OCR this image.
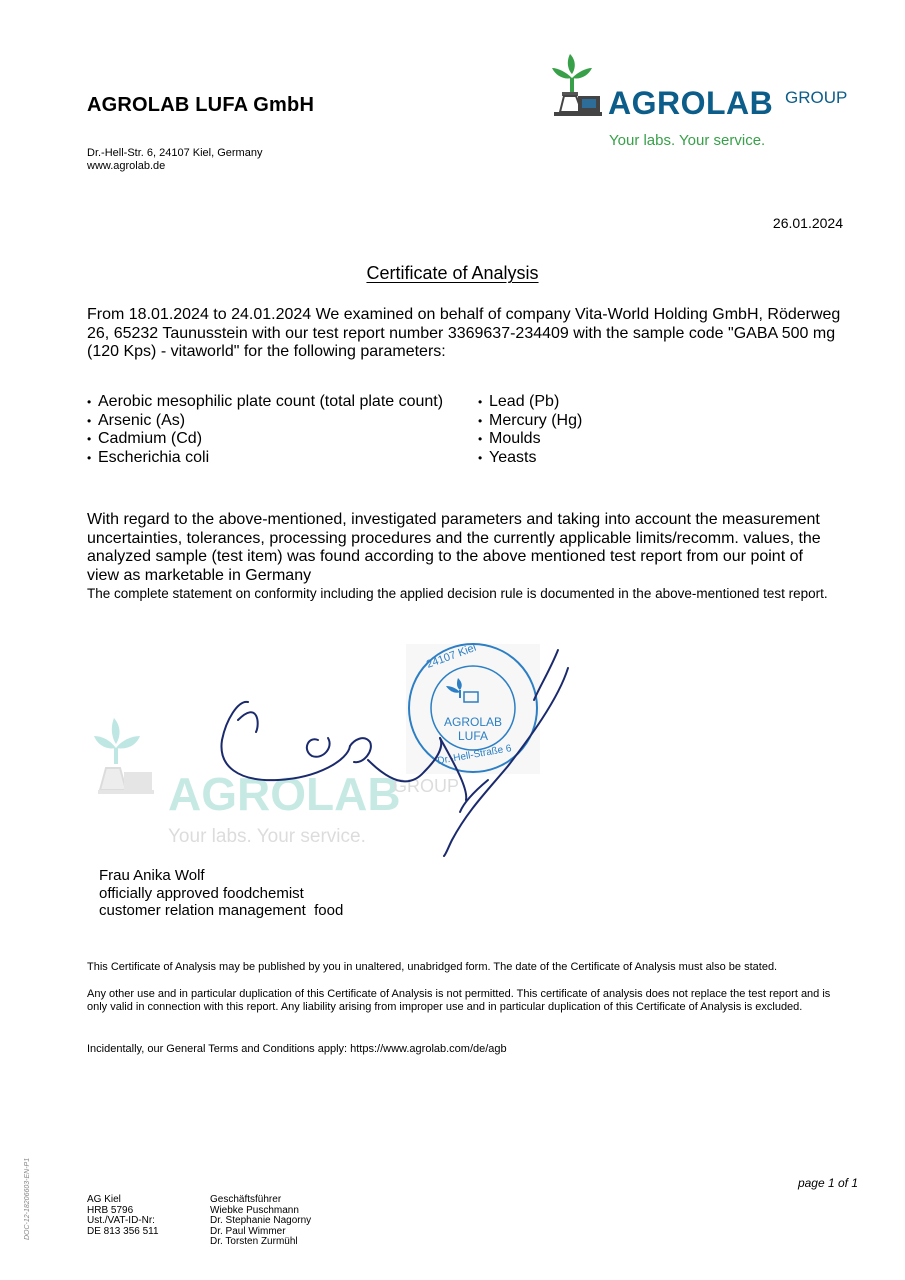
AGROLAB LUFA GmbH
Dr.-Hell-Str. 6, 24107 Kiel, Germany
www.agrolab.de
AGROLAB GROUP
Your labs. Your service.
26.01.2024
Certificate of Analysis
From 18.01.2024 to 24.01.2024 We examined on behalf of company Vita-World Holding GmbH, Röderweg 26, 65232 Taunusstein with our test report number 3369637-234409 with the sample code "GABA 500 mg (120 Kps) - vitaworld" for the following parameters:
• Aerobic mesophilic plate count (total plate count)
• Arsenic (As)
• Cadmium (Cd)
• Escherichia coli
• Lead (Pb)
• Mercury (Hg)
• Moulds
• Yeasts
With regard to the above-mentioned, investigated parameters and taking into account the measurement uncertainties, tolerances, processing procedures and the currently applicable limits/recomm. values, the analyzed sample (test item) was found according to the above mentioned test report from our point of view as marketable in Germany
The complete statement on conformity including the applied decision rule is documented in the above-mentioned test report.
AGROLAB
GROUP
Your labs. Your service.
AGROLAB
LUFA
24107 Kiel
Dr.-Hell-Straße 6
Frau Anika Wolf
officially approved foodchemist
customer relation management  food
This Certificate of Analysis may be published by you in unaltered, unabridged form. The date of the Certificate of Analysis must also be stated.
Any other use and in particular duplication of this Certificate of Analysis is not permitted. This certificate of analysis does not replace the test report and is only valid in connection with this report. Any liability arising from improper use and in particular duplication of this Certificate of Analysis is excluded.
Incidentally, our General Terms and Conditions apply: https://www.agrolab.com/de/agb
page 1 of 1
AG Kiel
HRB 5796
Ust./VAT-ID-Nr:
DE 813 356 511
Geschäftsführer
Wiebke Puschmann
Dr. Stephanie Nagorny
Dr. Paul Wimmer
Dr. Torsten Zurmühl
DOC-12-18206603-EN-P1
